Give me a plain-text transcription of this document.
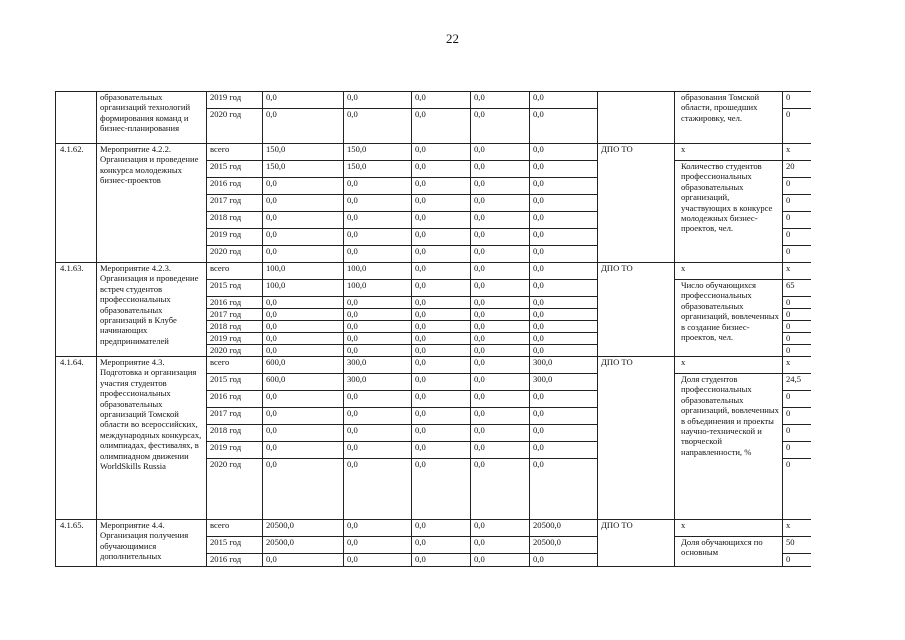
22
	образовательных организаций технологий формирования команд и бизнес-планирования	2019 год	0,0	0,0	0,0	0,0	0,0		образования Томской области, прошедших стажировку, чел.	0
		2020 год	0,0	0,0	0,0	0,0	0,0			0
4.1.62.	Мероприятие 4.2.2. Организация и проведение конкурса молодежных бизнес-проектов	всего	150,0	150,0	0,0	0,0	0,0	ДПО ТО	x	x
		2015 год	150,0	150,0	0,0	0,0	0,0		Количество студентов профессиональных образовательных организаций, участвующих в конкурсе молодежных бизнес-проектов, чел.	20
		2016 год	0,0	0,0	0,0	0,0	0,0			0
		2017 год	0,0	0,0	0,0	0,0	0,0			0
		2018 год	0,0	0,0	0,0	0,0	0,0			0
		2019 год	0,0	0,0	0,0	0,0	0,0			0
		2020 год	0,0	0,0	0,0	0,0	0,0			0
4.1.63.	Мероприятие 4.2.3. Организация и проведение встреч студентов профессиональных образовательных организаций в Клубе начинающих предпринимателей	всего	100,0	100,0	0,0	0,0	0,0	ДПО ТО	x	x
		2015 год	100,0	100,0	0,0	0,0	0,0		Число обучающихся профессиональных образовательных организаций, вовлеченных в создание бизнес-проектов, чел.	65
		2016 год	0,0	0,0	0,0	0,0	0,0			0
		2017 год	0,0	0,0	0,0	0,0	0,0			0
		2018 год	0,0	0,0	0,0	0,0	0,0			0
		2019 год	0,0	0,0	0,0	0,0	0,0			0
		2020 год	0,0	0,0	0,0	0,0	0,0			0
4.1.64.	Мероприятие 4.3. Подготовка и организация участия студентов профессиональных образовательных организаций Томской области во всероссийских, международных конкурсах, олимпиадах, фестивалях, в олимпиадном движении WorldSkills Russia	всего	600,0	300,0	0,0	0,0	300,0	ДПО ТО	x	x
		2015 год	600,0	300,0	0,0	0,0	300,0		Доля студентов профессиональных образовательных организаций, вовлеченных в объединения и проекты научно-технической и творческой направленности, %	24,5
		2016 год	0,0	0,0	0,0	0,0	0,0			0
		2017 год	0,0	0,0	0,0	0,0	0,0			0
		2018 год	0,0	0,0	0,0	0,0	0,0			0
		2019 год	0,0	0,0	0,0	0,0	0,0			0
		2020 год	0,0	0,0	0,0	0,0	0,0			0
4.1.65.	Мероприятие 4.4. Организация получения обучающимися дополнительных	всего	20500,0	0,0	0,0	0,0	20500,0	ДПО ТО	x	x
		2015 год	20500,0	0,0	0,0	0,0	20500,0		Доля обучающихся по основным	50
		2016 год	0,0	0,0	0,0	0,0	0,0			0
